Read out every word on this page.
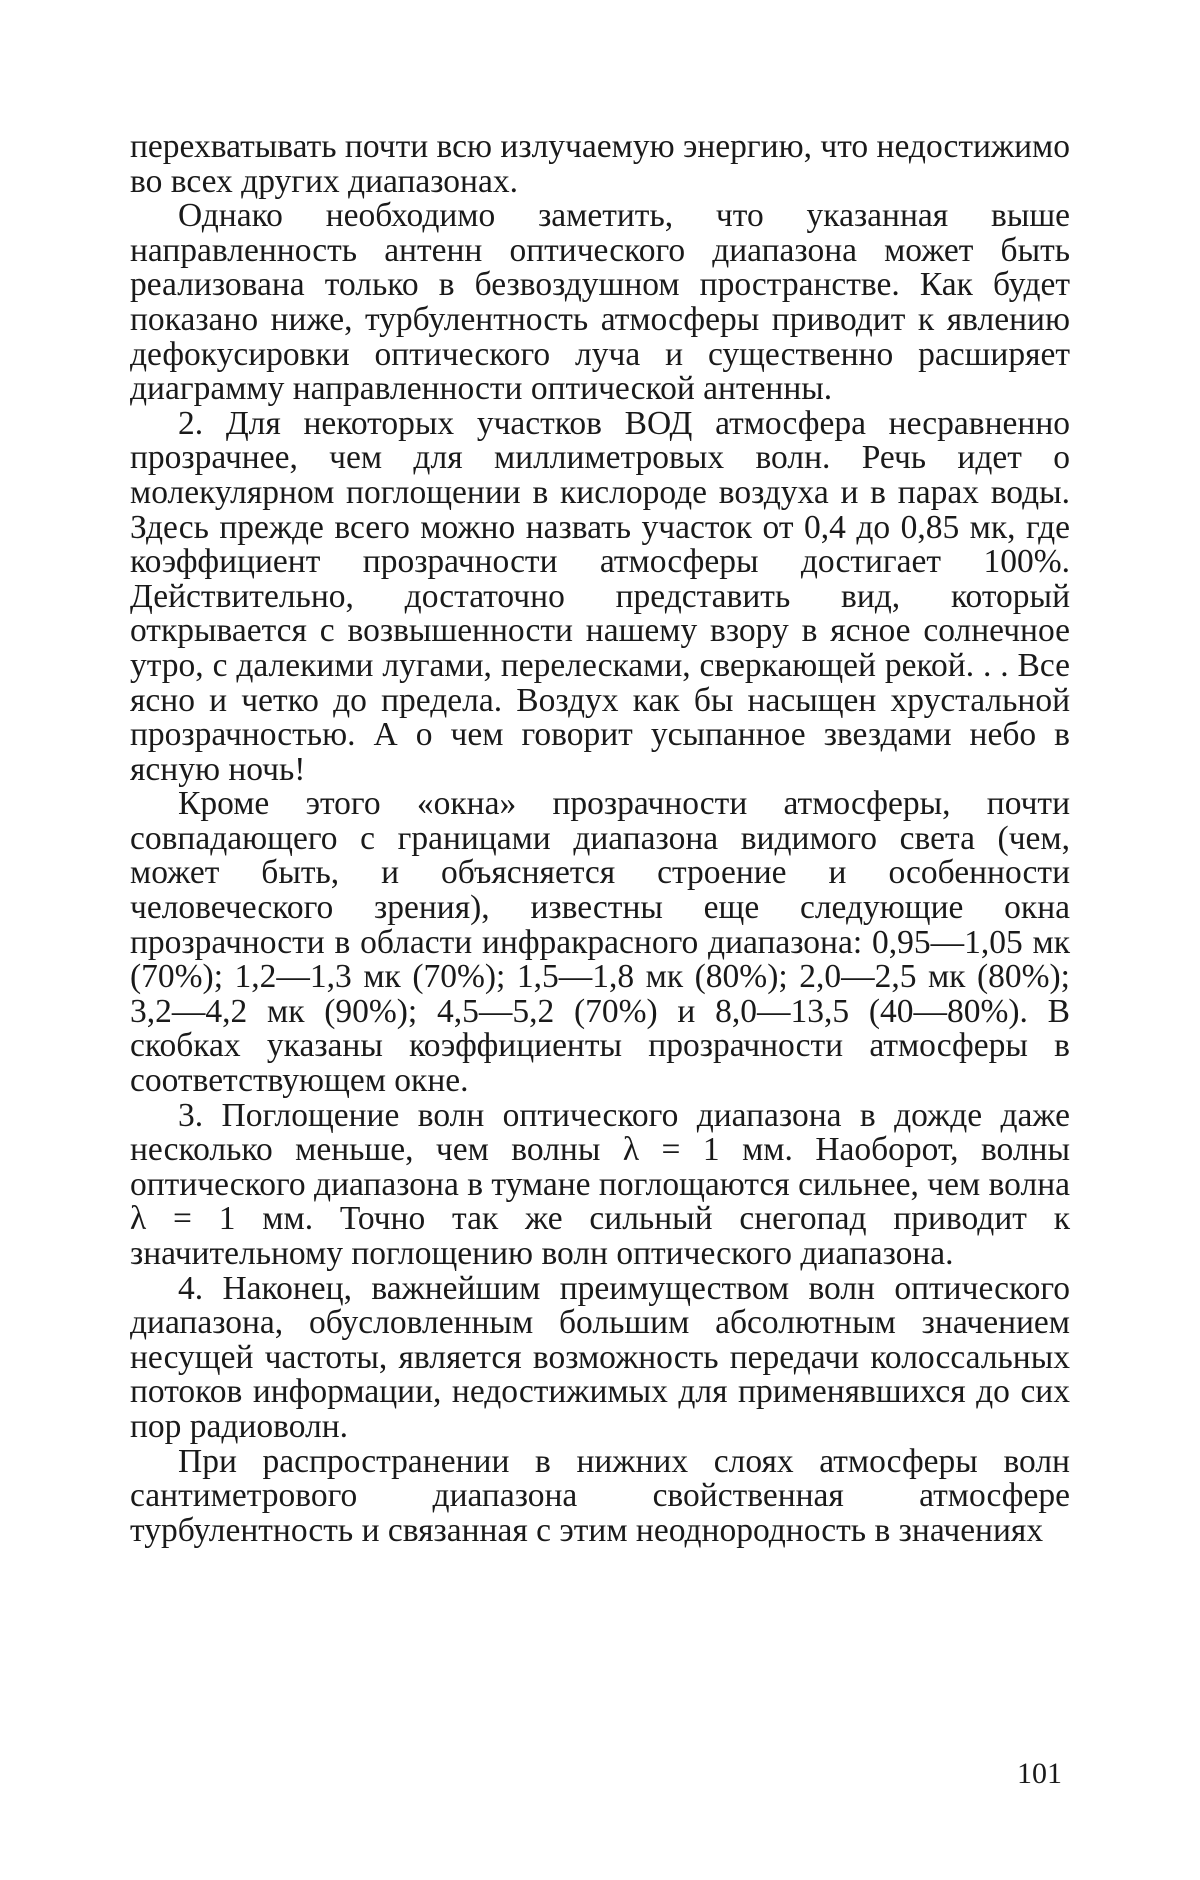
перехватывать почти всю излучаемую энергию, что недостижимо во всех других диапазонах.

Однако необходимо заметить, что указанная выше направленность антенн оптического диапазона может быть реализована только в безвоздушном пространстве. Как будет показано ниже, турбулентность атмосферы приводит к явлению дефокусировки оптического луча и существенно расширяет диаграмму направленности оптической антенны.

2. Для некоторых участков ВОД атмосфера несравненно прозрачнее, чем для миллиметровых волн. Речь идет о молекулярном поглощении в кислороде воздуха и в парах воды. Здесь прежде всего можно назвать участок от 0,4 до 0,85 мк, где коэффициент прозрачности атмосферы достигает 100%. Действительно, достаточно представить вид, который открывается с возвышенности нашему взору в ясное солнечное утро, с далекими лугами, перелесками, сверкающей рекой. . . Все ясно и четко до предела. Воздух как бы насыщен хрустальной прозрачностью. А о чем говорит усыпанное звездами небо в ясную ночь!

Кроме этого «окна» прозрачности атмосферы, почти совпадающего с границами диапазона видимого света (чем, может быть, и объясняется строение и особенности человеческого зрения), известны еще следующие окна прозрачности в области инфракрасного диапазона: 0,95—1,05 мк (70%); 1,2—1,3 мк (70%); 1,5—1,8 мк (80%); 2,0—2,5 мк (80%); 3,2—4,2 мк (90%); 4,5—5,2 (70%) и 8,0—13,5 (40—80%). В скобках указаны коэффициенты прозрачности атмосферы в соответствующем окне.

3. Поглощение волн оптического диапазона в дожде даже несколько меньше, чем волны λ = 1 мм. Наоборот, волны оптического диапазона в тумане поглощаются сильнее, чем волна λ = 1 мм. Точно так же сильный снегопад приводит к значительному поглощению волн оптического диапазона.

4. Наконец, важнейшим преимуществом волн оптического диапазона, обусловленным большим абсолютным значением несущей частоты, является возможность передачи колоссальных потоков информации, недостижимых для применявшихся до сих пор радиоволн.

При распространении в нижних слоях атмосферы волн сантиметрового диапазона свойственная атмосфере турбулентность и связанная с этим неоднородность в значениях

101
